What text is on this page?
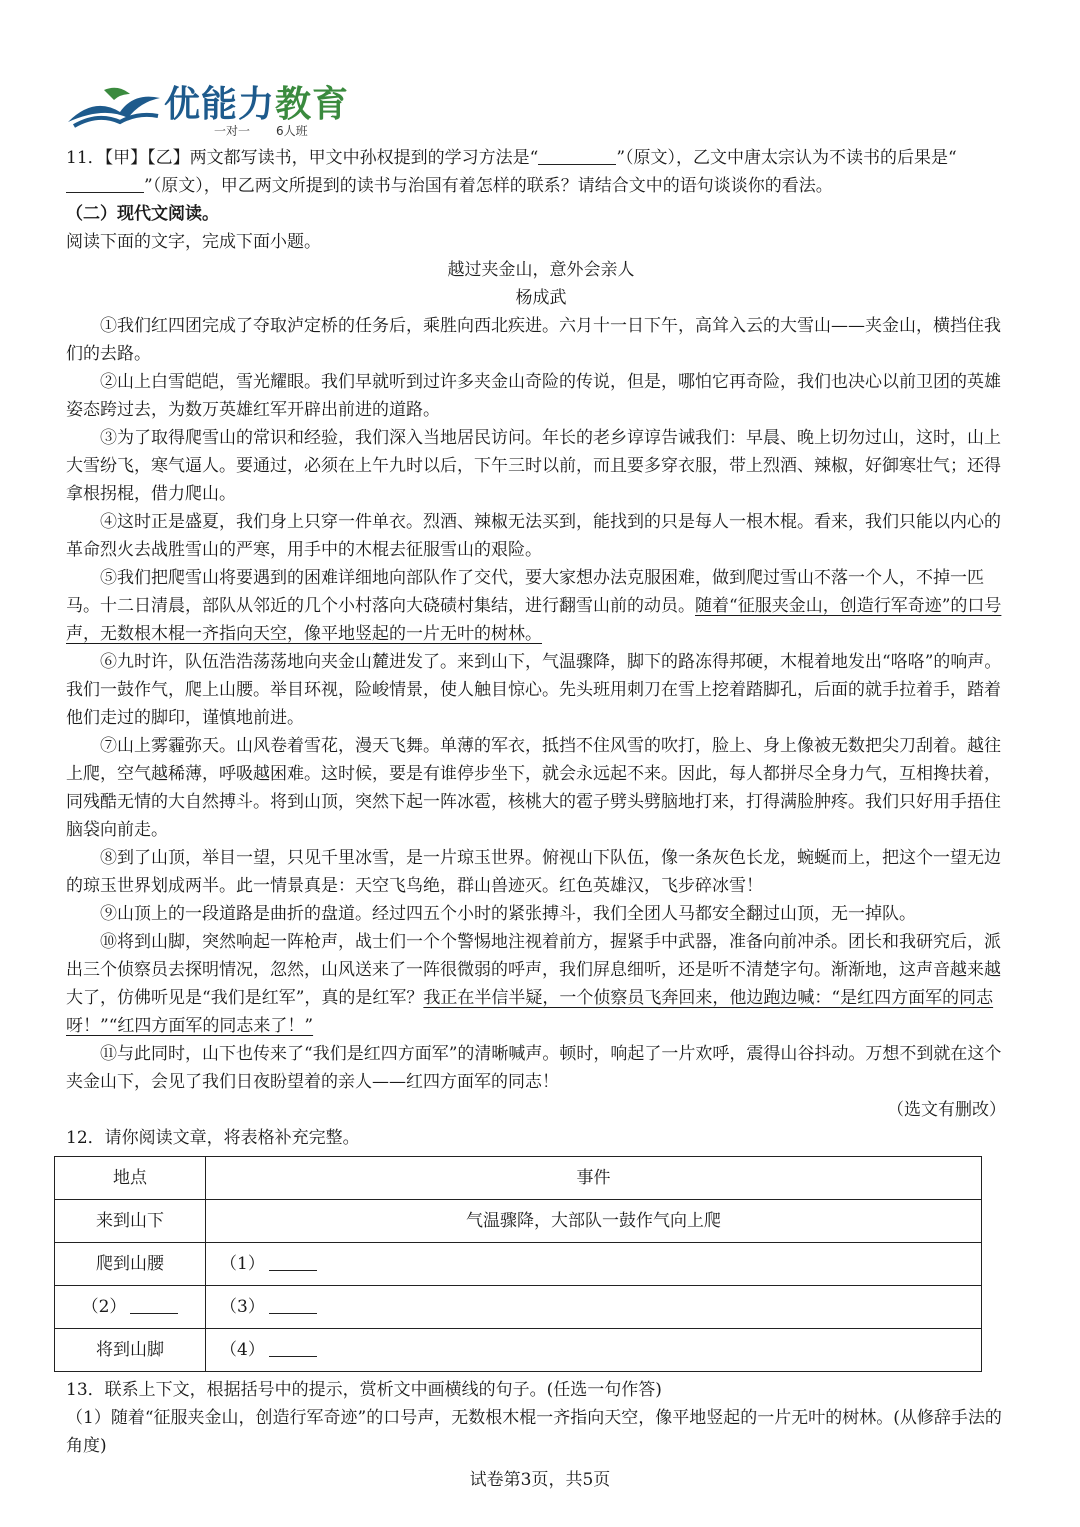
优能力教育
一对一 6人班

11．【甲】【乙】两文都写读书，甲文中孙权提到的学习方法是“	”（原文），乙文中唐太宗认为不读书的后果是“”（原文），甲乙两文所提到的读书与治国有着怎样的联系？请结合文中的语句谈谈你的看法。

（二）现代文阅读。

阅读下面的文字，完成下面小题。

越过夹金山，意外会亲人

杨成武

①我们红四团完成了夺取泸定桥的任务后，乘胜向西北疾进。六月十一日下午，高耸入云的大雪山——夹金山，横挡住我们的去路。

②山上白雪皑皑，雪光耀眼。我们早就听到过许多夹金山奇险的传说，但是，哪怕它再奇险，我们也决心以前卫团的英雄姿态跨过去，为数万英雄红军开辟出前进的道路。

③为了取得爬雪山的常识和经验，我们深入当地居民访问。年长的老乡谆谆告诫我们：早晨、晚上切勿过山，这时，山上大雪纷飞，寒气逼人。要通过，必须在上午九时以后，下午三时以前，而且要多穿衣服，带上烈酒、辣椒，好御寒壮气；还得拿根拐棍，借力爬山。

④这时正是盛夏，我们身上只穿一件单衣。烈酒、辣椒无法买到，能找到的只是每人一根木棍。看来，我们只能以内心的革命烈火去战胜雪山的严寒，用手中的木棍去征服雪山的艰险。

⑤我们把爬雪山将要遇到的困难详细地向部队作了交代，要大家想办法克服困难，做到爬过雪山不落一个人，不掉一匹马。十二日清晨，部队从邻近的几个小村落向大硗碛村集结，进行翻雪山前的动员。随着“征服夹金山，创造行军奇迹”的口号声，无数根木棍一齐指向天空，像平地竖起的一片无叶的树林。

⑥九时许，队伍浩浩荡荡地向夹金山麓进发了。来到山下，气温骤降，脚下的路冻得邦硬，木棍着地发出“咯咯”的响声。我们一鼓作气，爬上山腰。举目环视，险峻情景，使人触目惊心。先头班用刺刀在雪上挖着踏脚孔，后面的就手拉着手，踏着他们走过的脚印，谨慎地前进。

⑦山上雾霾弥天。山风卷着雪花，漫天飞舞。单薄的军衣，抵挡不住风雪的吹打，脸上、身上像被无数把尖刀刮着。越往上爬，空气越稀薄，呼吸越困难。这时候，要是有谁停步坐下，就会永远起不来。因此，每人都拼尽全身力气，互相搀扶着，同残酷无情的大自然搏斗。将到山顶，突然下起一阵冰雹，核桃大的雹子劈头劈脑地打来，打得满脸肿疼。我们只好用手捂住脑袋向前走。

⑧到了山顶，举目一望，只见千里冰雪，是一片琼玉世界。俯视山下队伍，像一条灰色长龙，蜿蜒而上，把这个一望无边的琼玉世界划成两半。此一情景真是：天空飞鸟绝，群山兽迹灭。红色英雄汉，飞步碎冰雪！

⑨山顶上的一段道路是曲折的盘道。经过四五个小时的紧张搏斗，我们全团人马都安全翻过山顶，无一掉队。

⑩将到山脚，突然响起一阵枪声，战士们一个个警惕地注视着前方，握紧手中武器，准备向前冲杀。团长和我研究后，派出三个侦察员去探明情况，忽然，山风送来了一阵很微弱的呼声，我们屏息细听，还是听不清楚字句。渐渐地，这声音越来越大了，仿佛听见是“我们是红军”，真的是红军？我正在半信半疑，一个侦察员飞奔回来，他边跑边喊：“是红四方面军的同志呀！”“红四方面军的同志来了！”

⑪与此同时，山下也传来了“我们是红四方面军”的清晰喊声。顿时，响起了一片欢呼，震得山谷抖动。万想不到就在这个夹金山下，会见了我们日夜盼望着的亲人——红四方面军的同志！

（选文有删改）

12．请你阅读文章，将表格补充完整。

地点	事件
来到山下	气温骤降，大部队一鼓作气向上爬
爬到山腰	（1）
（2）	（3）
将到山脚	（4）

13．联系上下文，根据括号中的提示，赏析文中画横线的句子。(任选一句作答)

（1）随着“征服夹金山，创造行军奇迹”的口号声，无数根木棍一齐指向天空，像平地竖起的一片无叶的树林。(从修辞手法的角度)

试卷第3页，共5页
